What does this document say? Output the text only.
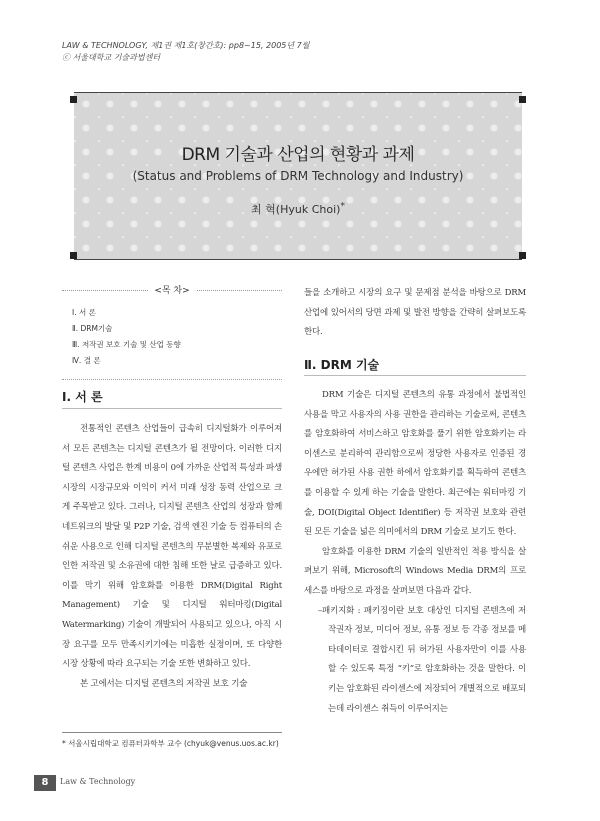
LAW & TECHNOLOGY, 제1권 제1호(창간호): pp8~15, 2005년 7월
ⓒ 서울대학교 기술과법센터
DRM 기술과 산업의 현황과 과제
(Status and Problems of DRM Technology and Industry)
최 혁(Hyuk Choi)*
<목 차>
Ⅰ. 서 론
Ⅱ. DRM기술
Ⅲ. 저작권 보호 기술 및 산업 동향
Ⅳ. 결 론
Ⅰ. 서 론

전통적인 콘텐츠 산업들이 급속히 디지털화가 이루어져서 모든 콘텐츠는 디지털 콘텐츠가 될 전망이다. 이러한 디지털 콘텐츠 사업은 한계 비용이 0에 가까운 산업적 특성과 파생 시장의 시장규모와 이익이 커서 미래 성장 동력 산업으로 크게 주목받고 있다. 그러나, 디지털 콘텐츠 산업의 성장과 함께 네트워크의 발달 및 P2P 기술, 검색 엔진 기술 등 컴퓨터의 손쉬운 사용으로 인해 디지털 콘텐츠의 무분별한 복제와 유포로 인한 저작권 및 소유권에 대한 침해 또한 날로 급증하고 있다. 이를 막기 위해 암호화를 이용한 DRM(Digital Right Management) 기술 및 디지털 워터마킹(Digital Watermarking) 기술이 개발되어 사용되고 있으나, 아직 시장 요구를 모두 만족시키기에는 미흡한 실정이며, 또 다양한 시장 상황에 따라 요구되는 기술 또한 변화하고 있다.

본 고에서는 디지털 콘텐츠의 저작권 보호 기술

들을 소개하고 시장의 요구 및 문제점 분석을 바탕으로 DRM 산업에 있어서의 당면 과제 및 발전 방향을 간략히 살펴보도록 한다.

Ⅱ. DRM 기술

DRM 기술은 디지털 콘텐츠의 유통 과정에서 불법적인 사용을 막고 사용자의 사용 권한을 관리하는 기술로써, 콘텐츠를 암호화하여 서비스하고 암호화를 풀기 위한 암호화키는 라이센스로 분리하여 관리함으로써 정당한 사용자로 인증된 경우에만 허가된 사용 권한 하에서 암호화키를 획득하여 콘텐츠를 이용할 수 있게 하는 기술을 말한다. 최근에는 워터마킹 기술, DOI(Digital Object Identifier) 등 저작권 보호와 관련된 모든 기술을 넓은 의미에서의 DRM 기술로 보기도 한다.

암호화를 이용한 DRM 기술의 일반적인 적용 방식을 살펴보기 위해, Microsoft의 Windows Media DRM의 프로세스를 바탕으로 과정을 살펴보면 다음과 같다.

–패키지화 : 패키징이란 보호 대상인 디지털 콘텐츠에 저작권자 정보, 미디어 정보, 유통 정보 등 각종 정보를 메타데이터로 결합시킨 뒤 허가된 사용자만이 이를 사용할 수 있도록 특정 “키”로 암호화하는 것을 말한다. 이 키는 암호화된 라이센스에 저장되어 개별적으로 배포되는데 라이센스 취득이 이루어지는

* 서울시립대학교 컴퓨터과학부 교수 (chyuk@venus.uos.ac.kr)
8	Law & Technology
